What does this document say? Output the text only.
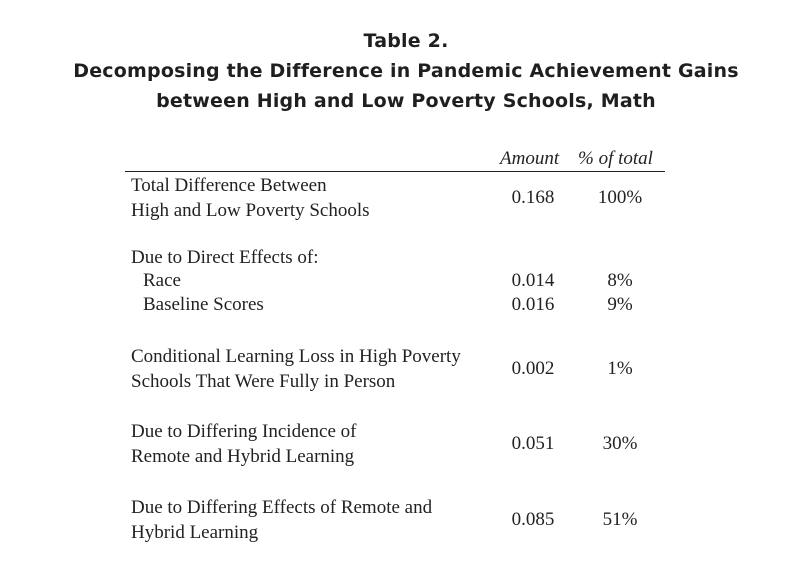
Table 2.
Decomposing the Difference in Pandemic Achievement Gains
between High and Low Poverty Schools, Math
Amount % of total
Total Difference Between
High and Low Poverty Schools
0.168	100%
Due to Direct Effects of:
Race	0.014	8%
Baseline Scores	0.016	9%
Conditional Learning Loss in High Poverty
Schools That Were Fully in Person
0.002	1%
Due to Differing Incidence of
Remote and Hybrid Learning
0.051	30%
Due to Differing Effects of Remote and
Hybrid Learning
0.085	51%
